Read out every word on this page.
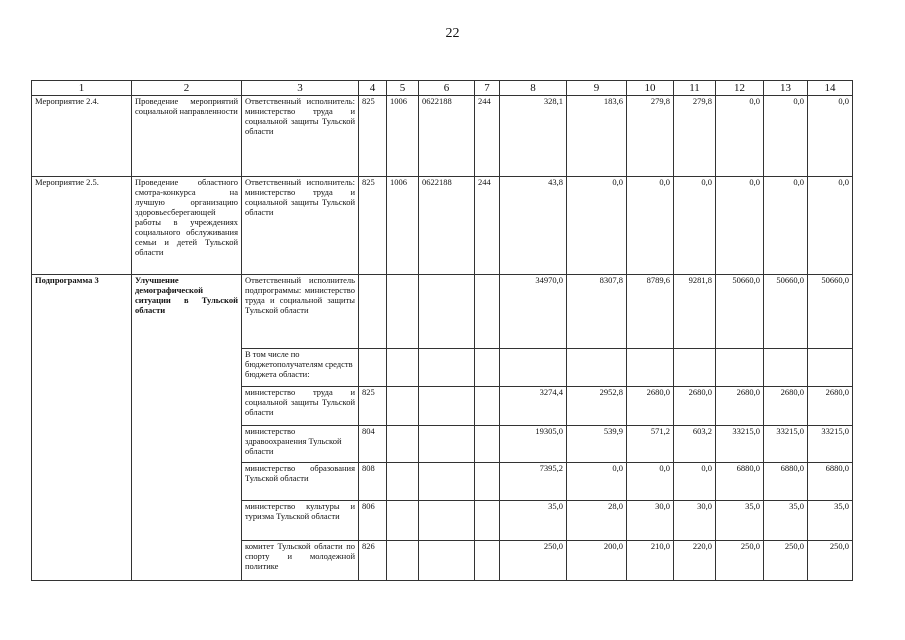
22
1	2	3	4	5	6	7	8	9	10	11	12	13	14
Мероприятие 2.4.	Проведение мероприятий социальной направленности	Ответственный исполнитель: министерство труда и социальной защиты Тульской области	825	1006	0622188	244	328,1	183,6	279,8	279,8	0,0	0,0	0,0
Мероприятие 2.5.	Проведение областного смотра-конкурса на лучшую организацию здоровьесберегающей работы в учреждениях социального обслуживания семьи и детей Тульской области	Ответственный исполнитель: министерство труда и социальной защиты Тульской области	825	1006	0622188	244	43,8	0,0	0,0	0,0	0,0	0,0	0,0
Подпрограмма 3	Улучшение демографической ситуации в Тульской области	Ответственный исполнитель подпрограммы: министерство труда и социальной защиты Тульской области					34970,0	8307,8	8789,6	9281,8	50660,0	50660,0	50660,0
		В том числе по бюджетополучателям средств бюджета области:											
		министерство труда и социальной защиты Тульской области	825				3274,4	2952,8	2680,0	2680,0	2680,0	2680,0	2680,0
		министерство здравоохранения Тульской области	804				19305,0	539,9	571,2	603,2	33215,0	33215,0	33215,0
		министерство образования Тульской области	808				7395,2	0,0	0,0	0,0	6880,0	6880,0	6880,0
		министерство культуры и туризма Тульской области	806				35,0	28,0	30,0	30,0	35,0	35,0	35,0
		комитет Тульской области по спорту и молодежной политике	826				250,0	200,0	210,0	220,0	250,0	250,0	250,0
